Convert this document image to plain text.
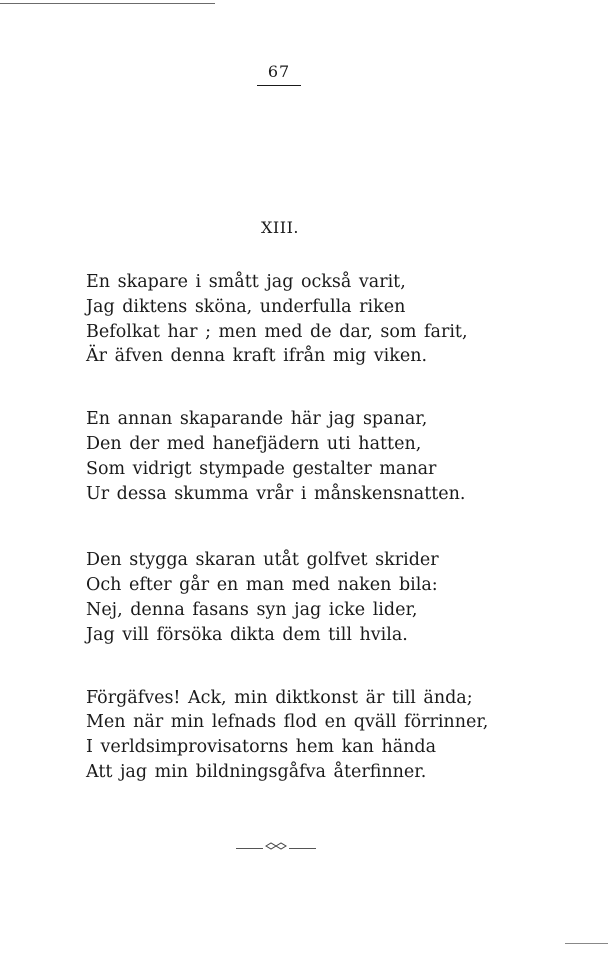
67
XIII.
En skapare i smått jag också varit,
Jag diktens sköna, underfulla riken
Befolkat har ; men med de dar, som farit,
Är äfven denna kraft ifrån mig viken.
En annan skaparande här jag spanar,
Den der med hanefjädern uti hatten,
Som vidrigt stympade gestalter manar
Ur dessa skumma vrår i månskensnatten.
Den stygga skaran utåt golfvet skrider
Och efter går en man med naken bila:
Nej, denna fasans syn jag icke lider,
Jag vill försöka dikta dem till hvila.
Förgäfves! Ack, min diktkonst är till ända;
Men när min lefnads flod en qväll förrinner,
I verldsimprovisatorns hem kan hända
Att jag min bildningsgåfva återfinner.
